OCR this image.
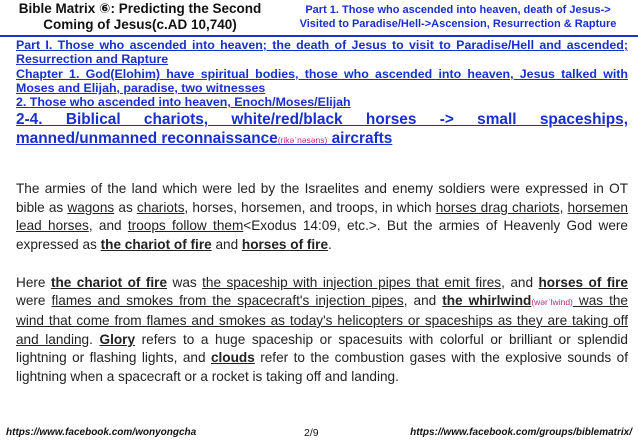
Bible Matrix ⑥: Predicting the Second
Coming of Jesus(c.AD 10,740)
Part 1. Those who ascended into heaven, death of Jesus->
Visited to Paradise/Hell->Ascension, Resurrection & Rapture
Part I. Those who ascended into heaven; the death of Jesus to visit to Paradise/Hell and ascended; Resurrection and Rapture
Chapter 1. God(Elohim) have spiritual bodies, those who ascended into heaven, Jesus talked with Moses and Elijah, paradise, two witnesses
2. Those who ascended into heaven, Enoch/Moses/Elijah
2-4. Biblical chariots, white/red/black horses -> small spaceships, manned/unmanned reconnaissance(rikəˈnəsəns) aircrafts
The armies of the land which were led by the Israelites and enemy soldiers were expressed in OT bible as wagons as chariots, horses, horsemen, and troops, in which horses drag chariots, horsemen lead horses, and troops follow them<Exodus 14:09, etc.>. But the armies of Heavenly God were expressed as the chariot of fire and horses of fire.
Here the chariot of fire was the spaceship with injection pipes that emit fires, and horses of fire were flames and smokes from the spacecraft's injection pipes, and the whirlwind(wərˈlwind) was the wind that come from flames and smokes as today's helicopters or spaceships as they are taking off and landing. Glory refers to a huge spaceship or spacesuits with colorful or brilliant or splendid lightning or flashing lights, and clouds refer to the combustion gases with the explosive sounds of lightning when a spacecraft or a rocket is taking off and landing.
https://www.facebook.com/wonyongcha	2/9	https://www.facebook.com/groups/biblematrix/
